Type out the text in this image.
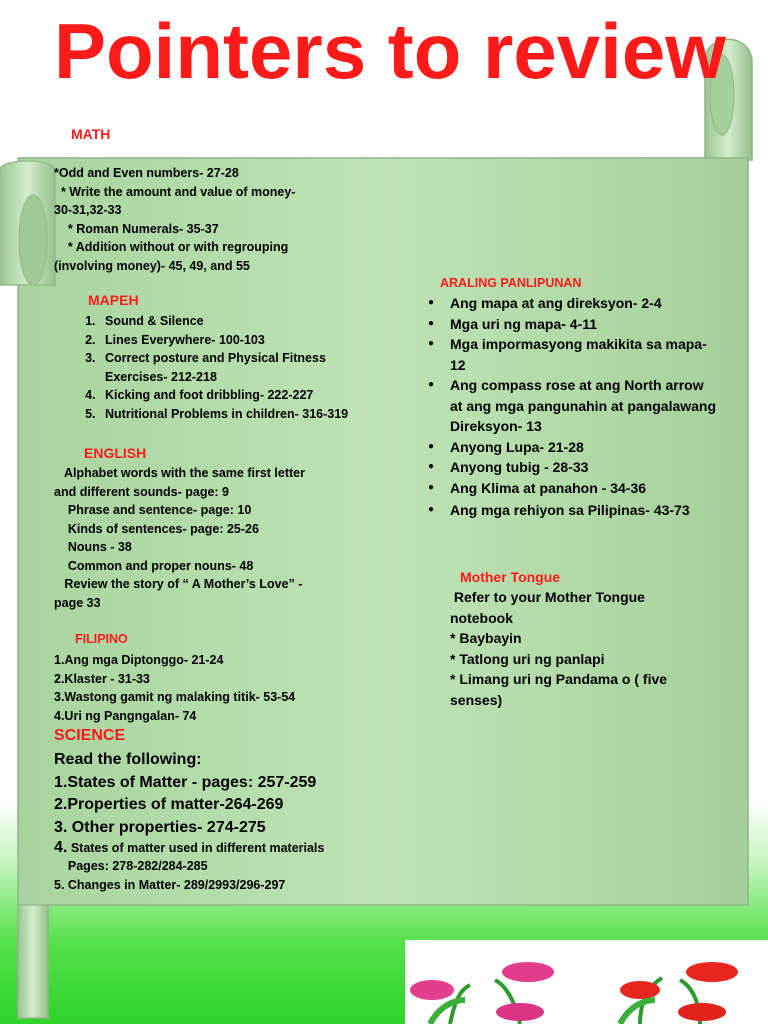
Pointers to review
MATH
*Odd and Even numbers- 27-28
* Write the amount and value of money-
30-31,32-33
* Roman Numerals- 35-37
* Addition without or with regrouping
(involving money)- 45, 49, and 55
MAPEH
1. Sound & Silence
2. Lines Everywhere- 100-103
3. Correct posture and Physical Fitness Exercises- 212-218
4. Kicking and foot dribbling- 222-227
5. Nutritional Problems in children- 316-319
ENGLISH
Alphabet words with the same first letter
and different sounds- page: 9
Phrase and sentence- page: 10
Kinds of sentences- page: 25-26
Nouns - 38
Common and proper nouns- 48
Review the story of “ A Mother’s Love” -
page 33
FILIPINO
1.Ang mga Diptonggo- 21-24
2.Klaster - 31-33
3.Wastong gamit ng malaking titik- 53-54
4.Uri ng Pangngalan- 74
SCIENCE
Read the following:
1.States of Matter - pages: 257-259
2.Properties of matter-264-269
3. Other properties- 274-275
4. States of matter used in different materials
Pages: 278-282/284-285
5. Changes in Matter- 289/2993/296-297
ARALING PANLIPUNAN
● Ang mapa at ang direksyon- 2-4
● Mga uri ng mapa- 4-11
● Mga impormasyong makikita sa mapa- 12
● Ang compass rose at ang North arrow at ang mga pangunahin at pangalawang Direksyon- 13
● Anyong Lupa- 21-28
● Anyong tubig - 28-33
● Ang Klima at panahon - 34-36
● Ang mga rehiyon sa Pilipinas- 43-73
Mother Tongue
Refer to your Mother Tongue
notebook
* Baybayin
* Tatlong uri ng panlapi
* Limang uri ng Pandama o ( five
senses)
